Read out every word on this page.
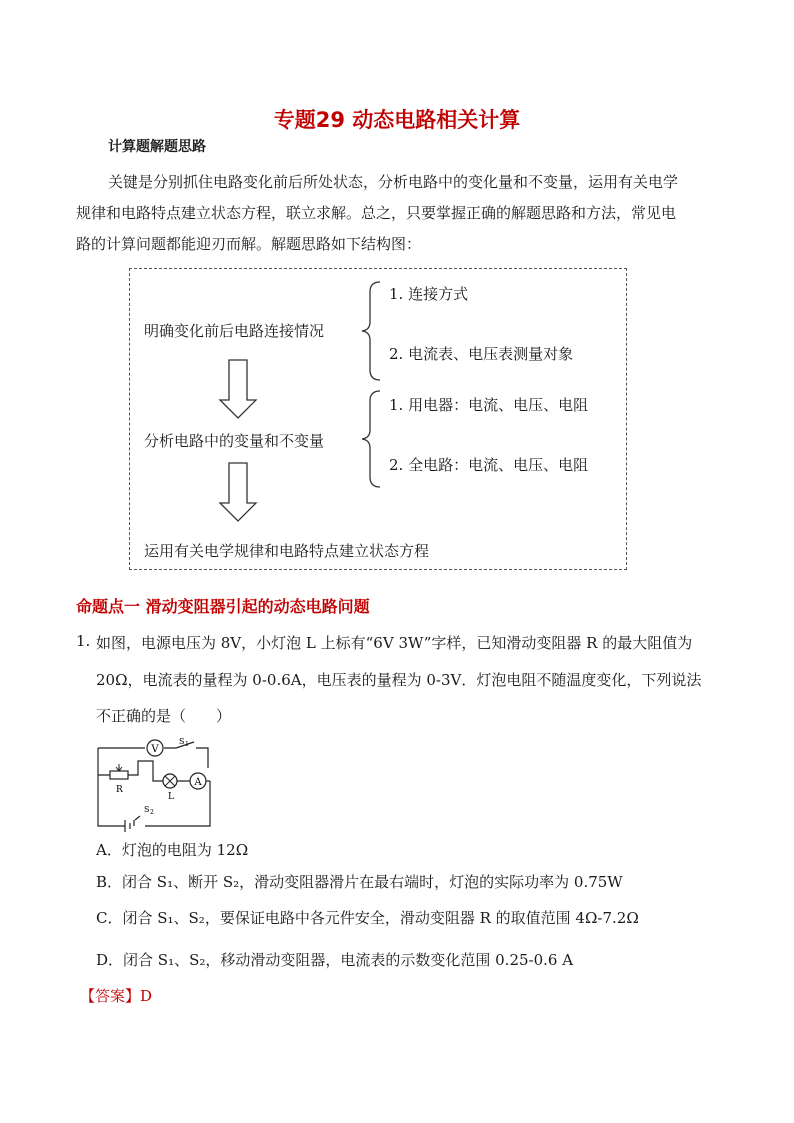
专题29 动态电路相关计算
计算题解题思路

关键是分别抓住电路变化前后所处状态，分析电路中的变化量和不变量，运用有关电学

规律和电路特点建立状态方程，联立求解。总之，只要掌握正确的解题思路和方法，常见电

路的计算问题都能迎刃而解。解题思路如下结构图：

明确变化前后电路连接情况
分析电路中的变量和不变量
运用有关电学规律和电路特点建立状态方程
1. 连接方式
2. 电流表、电压表测量对象
1. 用电器：电流、电压、电阻
2. 全电路：电流、电压、电阻
命题点一 滑动变阻器引起的动态电路问题
1. 如图，电源电压为 8V，小灯泡 L 上标有“6V 3W”字样，已知滑动变阻器 R 的最大阻值为
20Ω，电流表的量程为 0-0.6A，电压表的量程为 0-3V．灯泡电阻不随温度变化，下列说法
不正确的是（　　）
V
R
L
A
S 1
S 2
A．灯泡的电阻为 12Ω
B．闭合 S₁、断开 S₂，滑动变阻器滑片在最右端时，灯泡的实际功率为 0.75W
C．闭合 S₁、S₂，要保证电路中各元件安全，滑动变阻器 R 的取值范围 4Ω-7.2Ω
D．闭合 S₁、S₂，移动滑动变阻器，电流表的示数变化范围 0.25-0.6 A
【答案】D
